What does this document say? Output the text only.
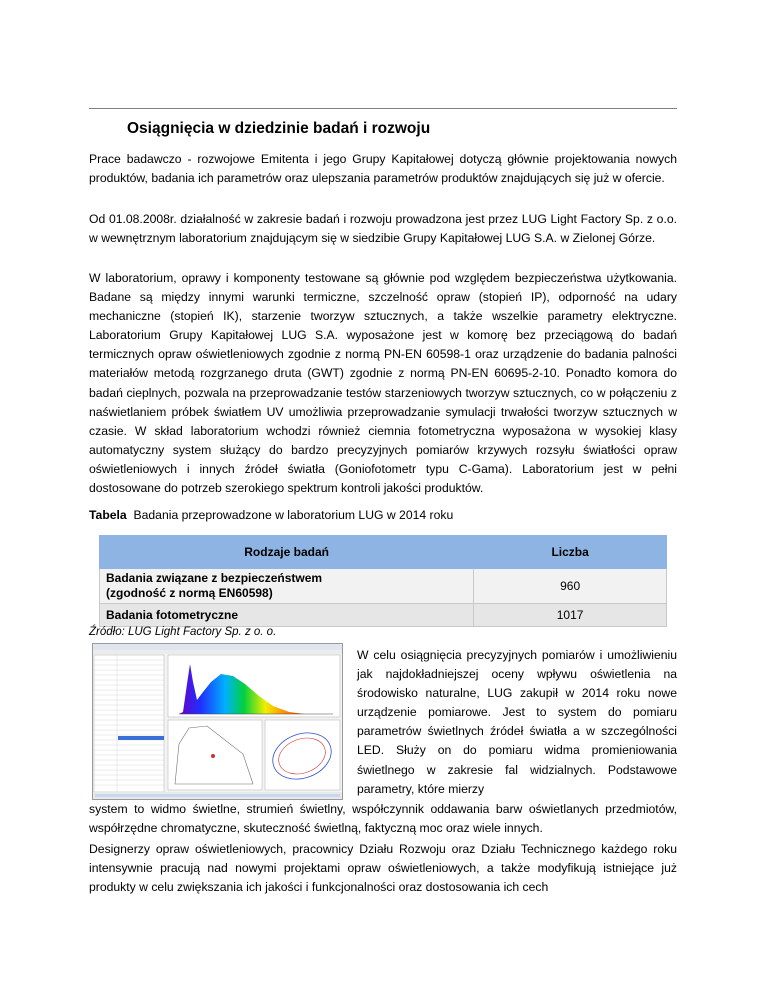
Osiągnięcia w dziedzinie badań i rozwoju
Prace badawczo - rozwojowe Emitenta i jego Grupy Kapitałowej dotyczą głównie projektowania nowych produktów, badania ich parametrów oraz ulepszania parametrów produktów znajdujących się już w ofercie.
Od 01.08.2008r. działalność w zakresie badań i rozwoju prowadzona jest przez LUG Light Factory Sp. z o.o. w wewnętrznym laboratorium znajdującym się w siedzibie Grupy Kapitałowej LUG S.A. w Zielonej Górze.
W laboratorium, oprawy i komponenty testowane są głównie pod względem bezpieczeństwa użytkowania. Badane są między innymi warunki termiczne, szczelność opraw (stopień IP), odporność na udary mechaniczne (stopień IK), starzenie tworzyw sztucznych, a także wszelkie parametry elektryczne. Laboratorium Grupy Kapitałowej LUG S.A. wyposażone jest w komorę bez przeciągową do badań termicznych opraw oświetleniowych zgodnie z normą PN-EN 60598-1 oraz urządzenie do badania palności materiałów metodą rozgrzanego druta (GWT) zgodnie z normą PN-EN 60695-2-10. Ponadto komora do badań cieplnych, pozwala na przeprowadzanie testów starzeniowych tworzyw sztucznych, co w połączeniu z naświetlaniem próbek światłem UV umożliwia przeprowadzanie symulacji trwałości tworzyw sztucznych w czasie. W skład laboratorium wchodzi również ciemnia fotometryczna wyposażona w wysokiej klasy automatyczny system służący do bardzo precyzyjnych pomiarów krzywych rozsyłu światłości opraw oświetleniowych i innych źródeł światła (Goniofotometr typu C-Gama). Laboratorium jest w pełni dostosowane do potrzeb szerokiego spektrum kontroli jakości produktów.
Tabela Badania przeprowadzone w laboratorium LUG w 2014 roku
Rodzaje badań	Liczba
Badania związane z bezpieczeństwem
(zgodność z normą EN60598)	960
Badania fotometryczne	1017
Źródło: LUG Light Factory Sp. z o. o.
W celu osiągnięcia precyzyjnych pomiarów i umożliwieniu jak najdokładniejszej oceny wpływu oświetlenia na środowisko naturalne, LUG zakupił w 2014 roku nowe urządzenie pomiarowe. Jest to system do pomiaru parametrów świetlnych źródeł światła a w szczególności LED. Służy on do pomiaru widma promieniowania świetlnego w zakresie fal widzialnych. Podstawowe parametry, które mierzy
system to widmo świetlne, strumień świetlny, współczynnik oddawania barw oświetlanych przedmiotów, współrzędne chromatyczne, skuteczność świetlną, faktyczną moc oraz wiele innych.
Designerzy opraw oświetleniowych, pracownicy Działu Rozwoju oraz Działu Technicznego każdego roku intensywnie pracują nad nowymi projektami opraw oświetleniowych, a także modyfikują istniejące już produkty w celu zwiększania ich jakości i funkcjonalności oraz dostosowania ich cech
